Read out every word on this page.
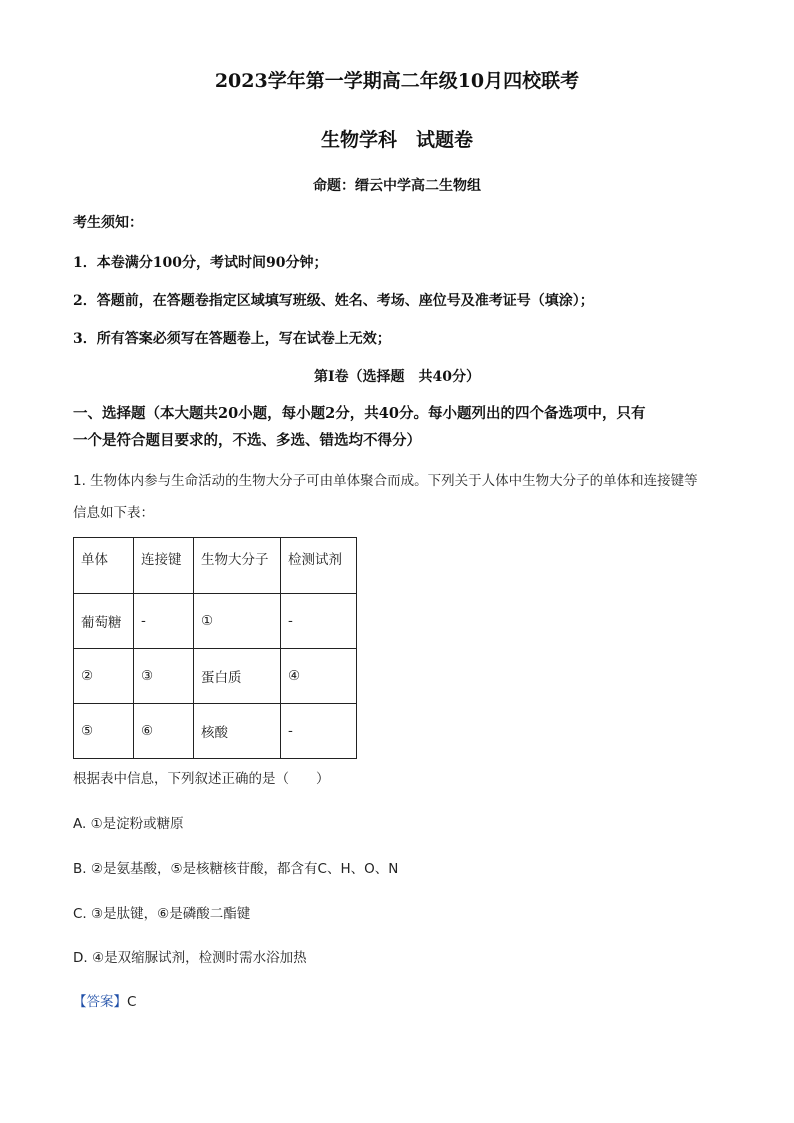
2023学年第一学期高二年级10月四校联考
生物学科　试题卷
命题：缙云中学高二生物组
考生须知：
1．本卷满分100分，考试时间90分钟；
2．答题前，在答题卷指定区域填写班级、姓名、考场、座位号及准考证号（填涂）；
3．所有答案必须写在答题卷上，写在试卷上无效；
第Ⅰ卷（选择题　共40分）
一、选择题（本大题共20小题，每小题2分，共40分。每小题列出的四个备选项中，只有
一个是符合题目要求的，不选、多选、错选均不得分）
1. 生物体内参与生命活动的生物大分子可由单体聚合而成。下列关于人体中生物大分子的单体和连接键等
信息如下表：
单体	连接键	生物大分子	检测试剂
葡萄糖	-	①	-
②	③	蛋白质	④
⑤	⑥	核酸	-
根据表中信息，下列叙述正确的是（　　）
A. ①是淀粉或糖原
B. ②是氨基酸，⑤是核糖核苷酸，都含有C、H、O、N
C. ③是肽键，⑥是磷酸二酯键
D. ④是双缩脲试剂，检测时需水浴加热
【答案】C
